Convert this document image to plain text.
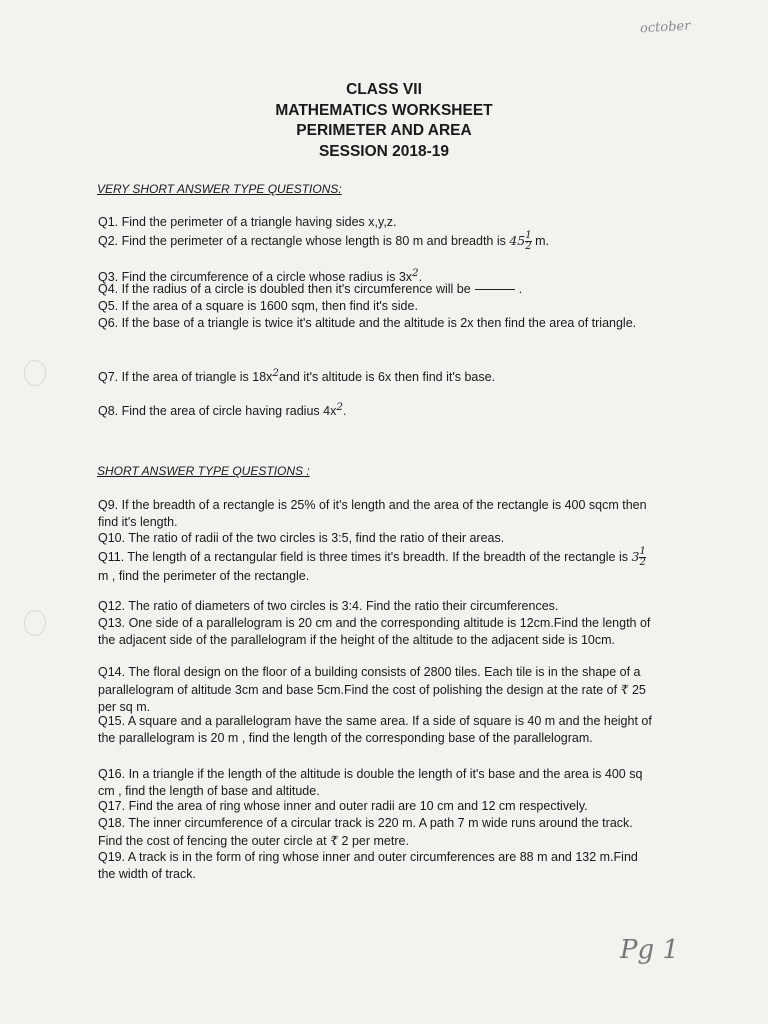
october
CLASS VII
MATHEMATICS WORKSHEET
PERIMETER AND AREA
SESSION 2018-19
VERY SHORT ANSWER TYPE QUESTIONS:
Q1. Find the perimeter of a triangle having sides x,y,z.
Q2. Find the perimeter of a rectangle whose length is 80 m and breadth is $45 \frac{1}{2} m$.
Q3. Find the circumference of a circle whose radius is $3x^2$.
Q4. If the radius of a circle is doubled then it's circumference will be	.
Q5. If the area of a square is 1600 sqm, then find it's side.
Q6. If the base of a triangle is twice it's altitude and the altitude is 2x then find the area of triangle.
Q7. If the area of triangle is $18x^2and$ it's altitude is 6x then find it's base.
Q8. Find the area of circle having radius $4x^2$.
SHORT ANSWER TYPE QUESTIONS :
Q9. If the breadth of a rectangle is 25% of it's length and the area of the rectangle is 400 sqcm then find it's length.
Q10. The ratio of radii of the two circles is 3:5, find the ratio of their areas.
Q11. The length of a rectangular field is three times it's breadth. If the breadth of the rectangle is $3 \frac{1}{2}$
m , find the perimeter of the rectangle.
Q12. The ratio of diameters of two circles is 3:4. Find the ratio their circumferences.
Q13. One side of a parallelogram is 20 cm and the corresponding altitude is 12cm.Find the length of the adjacent side of the parallelogram if the height of the altitude to the adjacent side is 10cm.
Q14. The floral design on the floor of a building consists of 2800 tiles. Each tile is in the shape of a parallelogram of altitude 3cm and base 5cm.Find the cost of polishing the design at the rate of ₹ 25 per sq m.
Q15. A square and a parallelogram have the same area. If a side of square is 40 m and the height of the parallelogram is 20 m , find the length of the corresponding base of the parallelogram.
Q16. In a triangle if the length of the altitude is double the length of it's base and the area is 400 sq cm , find the length of base and altitude.
Q17. Find the area of ring whose inner and outer radii are 10 cm and 12 cm respectively.
Q18. The inner circumference of a circular track is 220 m. A path 7 m wide runs around the track. Find the cost of fencing the outer circle at ₹ 2 per metre.
Q19. A track is in the form of ring whose inner and outer circumferences are 88 m and 132 m.Find the width of track.
Pg 1
